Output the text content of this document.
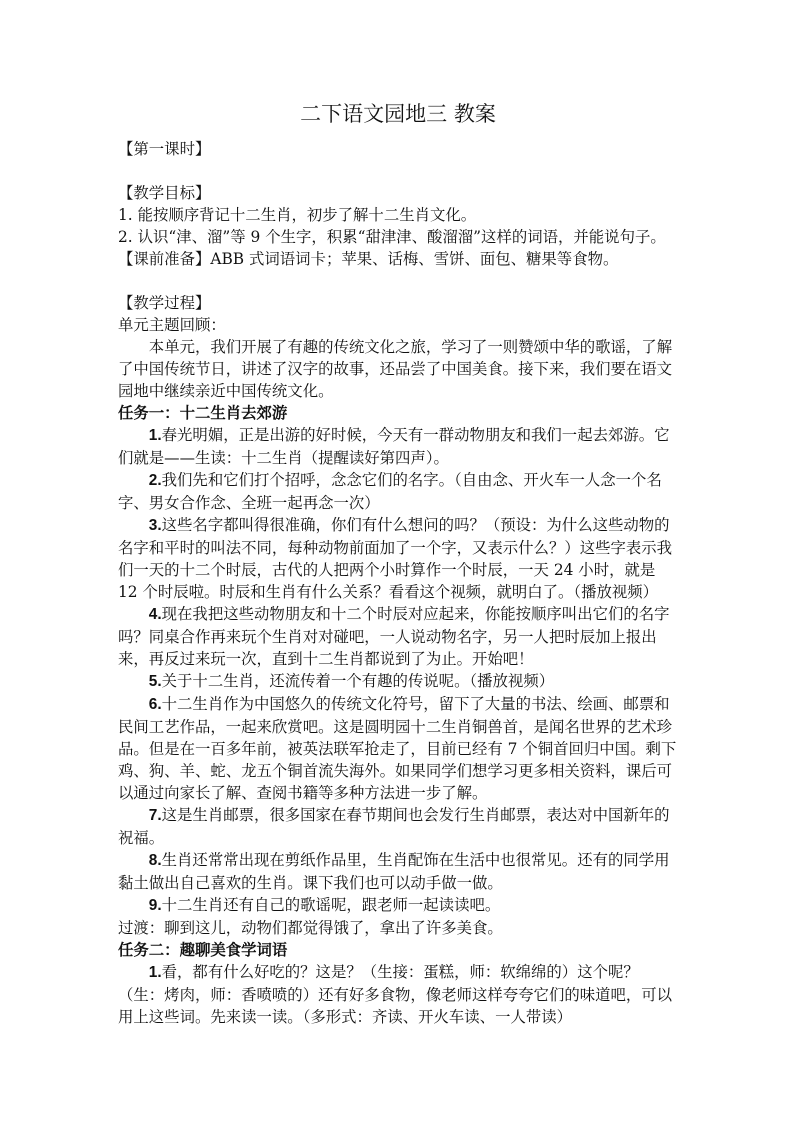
二下语文园地三 教案

【第一课时】

【教学目标】

1. 能按顺序背记十二生肖，初步了解十二生肖文化。

2. 认识“津、溜”等 9 个生字，积累“甜津津、酸溜溜”这样的词语，并能说句子。

【课前准备】ABB 式词语词卡；苹果、话梅、雪饼、面包、糖果等食物。

【教学过程】

单元主题回顾：

本单元，我们开展了有趣的传统文化之旅，学习了一则赞颂中华的歌谣，了解了中国传统节日，讲述了汉字的故事，还品尝了中国美食。接下来，我们要在语文园地中继续亲近中国传统文化。

任务一：十二生肖去郊游

1.春光明媚，正是出游的好时候，今天有一群动物朋友和我们一起去郊游。它们就是——生读：十二生肖（提醒读好第四声）。

2.我们先和它们打个招呼，念念它们的名字。（自由念、开火车一人念一个名字、男女合作念、全班一起再念一次）

3.这些名字都叫得很准确，你们有什么想问的吗？（预设：为什么这些动物的名字和平时的叫法不同，每种动物前面加了一个字，又表示什么？）这些字表示我们一天的十二个时辰，古代的人把两个小时算作一个时辰，一天 24 小时，就是 12 个时辰啦。时辰和生肖有什么关系？看看这个视频，就明白了。（播放视频）

4.现在我把这些动物朋友和十二个时辰对应起来，你能按顺序叫出它们的名字吗？同桌合作再来玩个生肖对对碰吧，一人说动物名字，另一人把时辰加上报出来，再反过来玩一次，直到十二生肖都说到了为止。开始吧！

5.关于十二生肖，还流传着一个有趣的传说呢。（播放视频）

6.十二生肖作为中国悠久的传统文化符号，留下了大量的书法、绘画、邮票和民间工艺作品，一起来欣赏吧。这是圆明园十二生肖铜兽首，是闻名世界的艺术珍品。但是在一百多年前，被英法联军抢走了，目前已经有 7 个铜首回归中国。剩下鸡、狗、羊、蛇、龙五个铜首流失海外。如果同学们想学习更多相关资料，课后可以通过向家长了解、查阅书籍等多种方法进一步了解。

7.这是生肖邮票，很多国家在春节期间也会发行生肖邮票，表达对中国新年的祝福。

8.生肖还常常出现在剪纸作品里，生肖配饰在生活中也很常见。还有的同学用黏土做出自己喜欢的生肖。课下我们也可以动手做一做。

9.十二生肖还有自己的歌谣呢，跟老师一起读读吧。

过渡：聊到这儿，动物们都觉得饿了，拿出了许多美食。

任务二：趣聊美食学词语

1.看，都有什么好吃的？这是？（生接：蛋糕，师：软绵绵的）这个呢？（生：烤肉，师：香喷喷的）还有好多食物，像老师这样夸夸它们的味道吧，可以用上这些词。先来读一读。（多形式：齐读、开火车读、一人带读）
